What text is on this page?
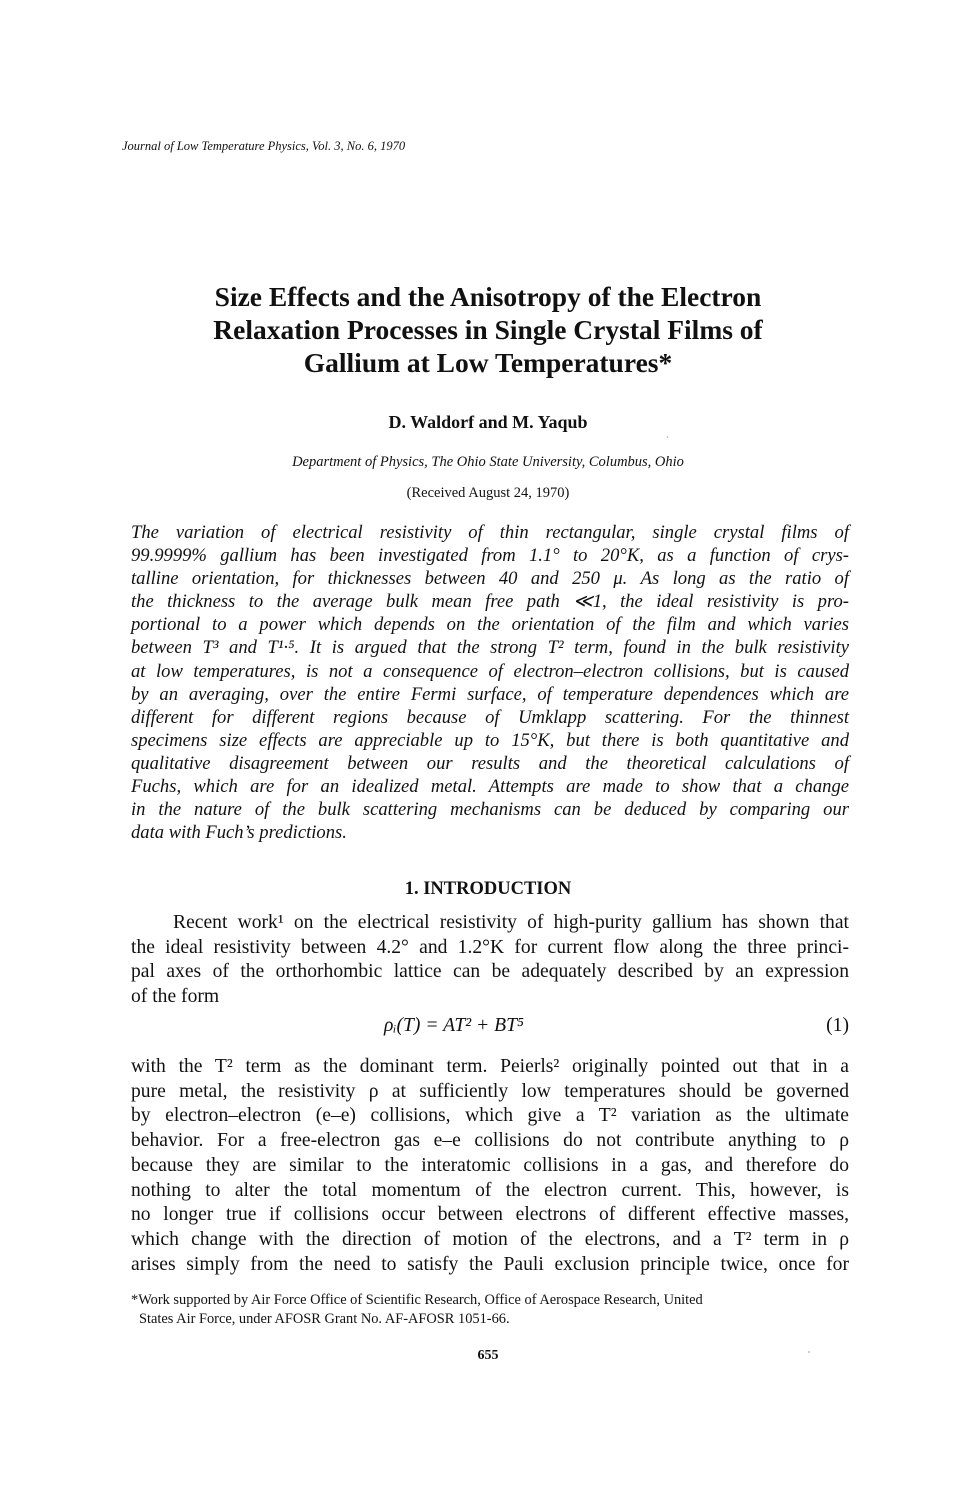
Journal of Low Temperature Physics, Vol. 3, No. 6, 1970
Size Effects and the Anisotropy of the Electron
Relaxation Processes in Single Crystal Films of
Gallium at Low Temperatures*
D. Waldorf and M. Yaqub
ˎ
Department of Physics, The Ohio State University, Columbus, Ohio
(Received August 24, 1970)
The variation of electrical resistivity of thin rectangular, single crystal films of
99.9999% gallium has been investigated from 1.1° to 20°K, as a function of crys-
talline orientation, for thicknesses between 40 and 250 μ. As long as the ratio of
the thickness to the average bulk mean free path ≪1, the ideal resistivity is pro-
portional to a power which depends on the orientation of the film and which varies
between T³ and T¹·⁵. It is argued that the strong T² term, found in the bulk resistivity
at low temperatures, is not a consequence of electron–electron collisions, but is caused
by an averaging, over the entire Fermi surface, of temperature dependences which are
different for different regions because of Umklapp scattering. For the thinnest
specimens size effects are appreciable up to 15°K, but there is both quantitative and
qualitative disagreement between our results and the theoretical calculations of
Fuchs, which are for an idealized metal. Attempts are made to show that a change
in the nature of the bulk scattering mechanisms can be deduced by comparing our
data with Fuch’s predictions.
1. INTRODUCTION
Recent work¹ on the electrical resistivity of high-purity gallium has shown that
the ideal resistivity between 4.2° and 1.2°K for current flow along the three princi-
pal axes of the orthorhombic lattice can be adequately described by an expression
of the form
ρᵢ(T) = AT² + BT⁵	(1)
with the T² term as the dominant term. Peierls² originally pointed out that in a
pure metal, the resistivity ρ at sufficiently low temperatures should be governed
by electron–electron (e–e) collisions, which give a T² variation as the ultimate
behavior. For a free-electron gas e–e collisions do not contribute anything to ρ
because they are similar to the interatomic collisions in a gas, and therefore do
nothing to alter the total momentum of the electron current. This, however, is
no longer true if collisions occur between electrons of different effective masses,
which change with the direction of motion of the electrons, and a T² term in ρ
arises simply from the need to satisfy the Pauli exclusion principle twice, once for
*Work supported by Air Force Office of Scientific Research, Office of Aerospace Research, United
States Air Force, under AFOSR Grant No. AF-AFOSR 1051-66.
655
